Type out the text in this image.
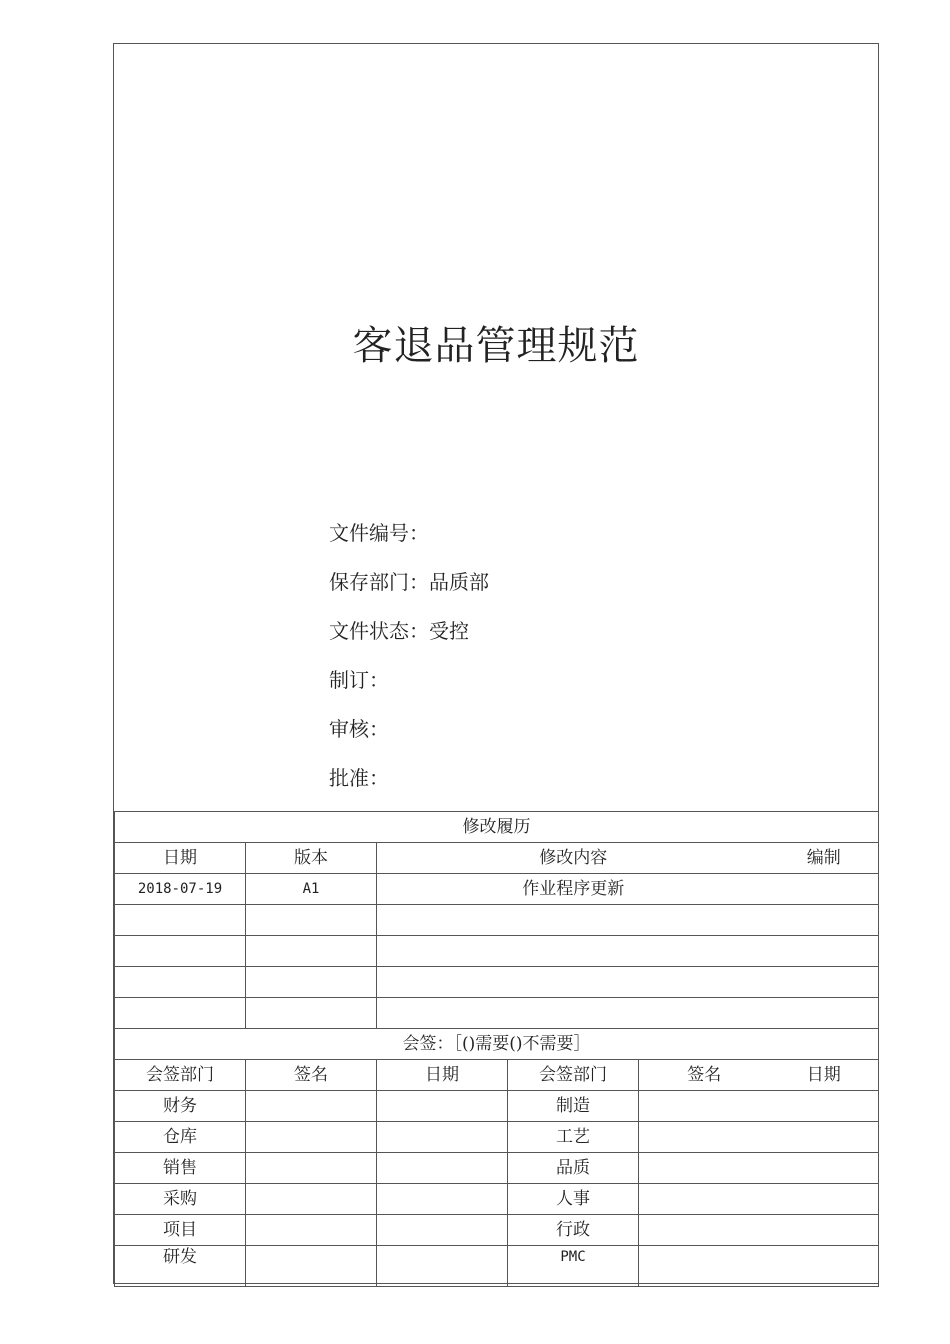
客退品管理规范
文件编号：
保存部门：品质部
文件状态：受控
制订：
审核：
批准：
修改履历					
日期	版本	修改内容			编制
2018-07-19	A1	作业程序更新			

会签：［()需要()不需要］					
会签部门	签名	日期	会签部门	签名	日期
财务			制造		
仓库			工艺		
销售			品质		
采购			人事		
项目			行政		
研发			PMC		
